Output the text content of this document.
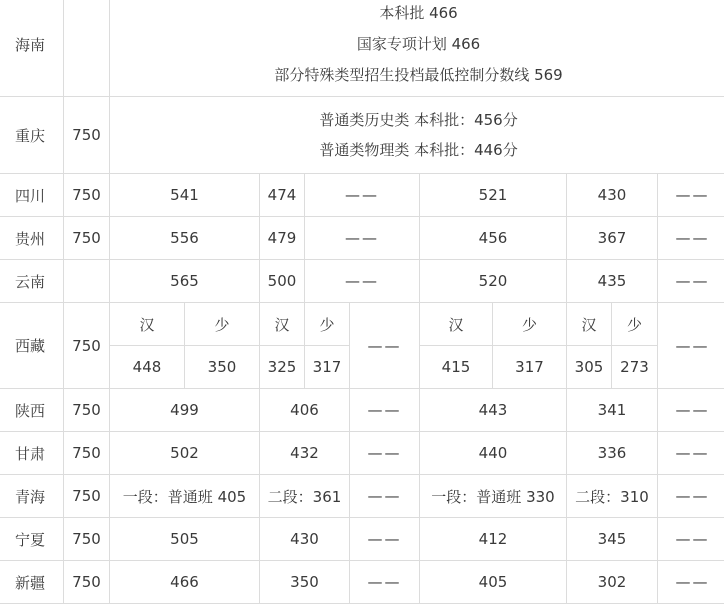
海南		本科批 466
国家专项计划 466
部分特殊类型招生投档最低控制分数线 569									

重庆	750	普通类历史类 本科批：456分
普通类物理类 本科批：446分									

四川	750	541		474	——		521		430		——
贵州	750	556		479	——		456		367		——
云南		565		500	——		520		435		——
西藏	750	汉	少	汉	少	——	汉	少	汉	少	——
		448	350	325	317		415	317	305	273	
陕西	750	499		406		——	443		341		——
甘肃	750	502		432		——	440		336		——
青海	750	一段：普通班 405		二段：361		——	一段：普通班 330		二段：310		——
宁夏	750	505		430		——	412		345		——
新疆	750	466		350		——	405		302		——
